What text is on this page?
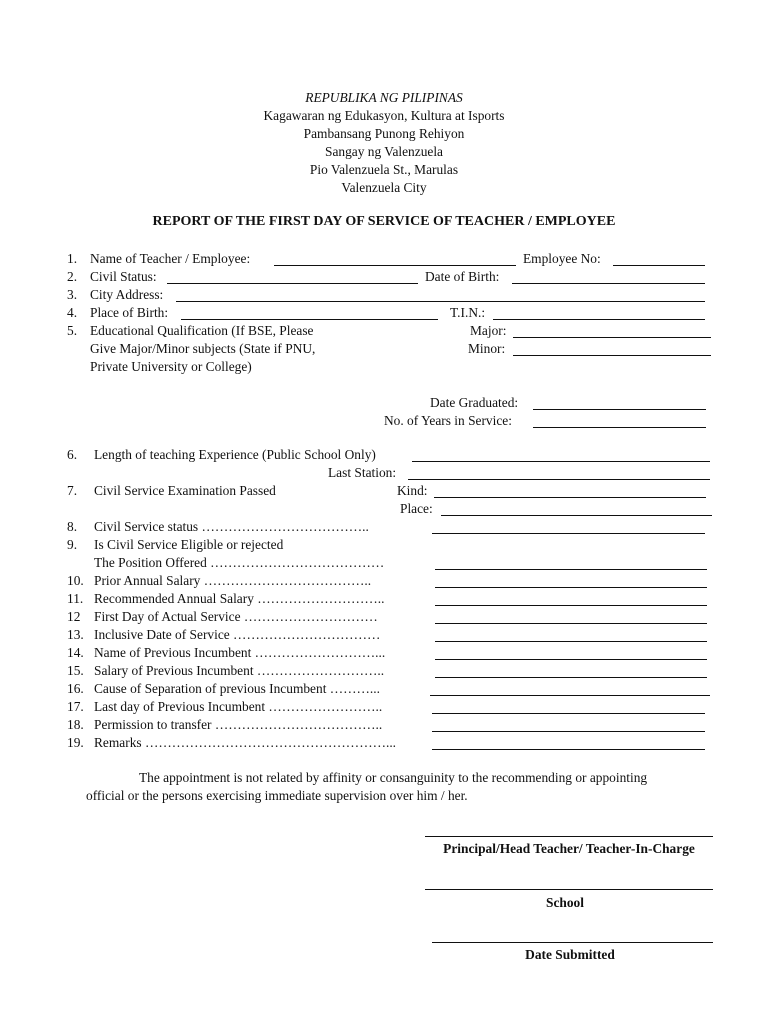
REPUBLIKA NG PILIPINAS
Kagawaran ng Edukasyon, Kultura at Isports
Pambansang Punong Rehiyon
Sangay ng Valenzuela
Pio Valenzuela St., Marulas
Valenzuela City
REPORT OF THE FIRST DAY OF SERVICE OF TEACHER / EMPLOYEE
1. Name of Teacher / Employee:	Employee No:
2. Civil Status:	Date of Birth:
3. City Address:
4. Place of Birth:	T.I.N.:
5. Educational Qualification (If BSE, Please
Give Major/Minor subjects (State if PNU,
Private University or College)
Major:
Minor:
Date Graduated:
No. of Years in Service:
6. Length of teaching Experience (Public School Only)
Last Station:
7. Civil Service Examination Passed	Kind:
Place:
8. Civil Service status ………………………………..
9. Is Civil Service Eligible or rejected
The Position Offered …………………………………
10. Prior Annual Salary ………………………………..
11. Recommended Annual Salary ………………………..
12 First Day of Actual Service …………………………
13. Inclusive Date of Service ……………………………
14. Name of Previous Incumbent ………………………...
15. Salary of Previous Incumbent ………………………..
16. Cause of Separation of previous Incumbent ………...
17. Last day of Previous Incumbent ……………………..
18. Permission to transfer ………………………………..
19. Remarks ………………………………………………...
The appointment is not related by affinity or consanguinity to the recommending or appointing
official or the persons exercising immediate supervision over him / her.
Principal/Head Teacher/ Teacher-In-Charge
School
Date Submitted
